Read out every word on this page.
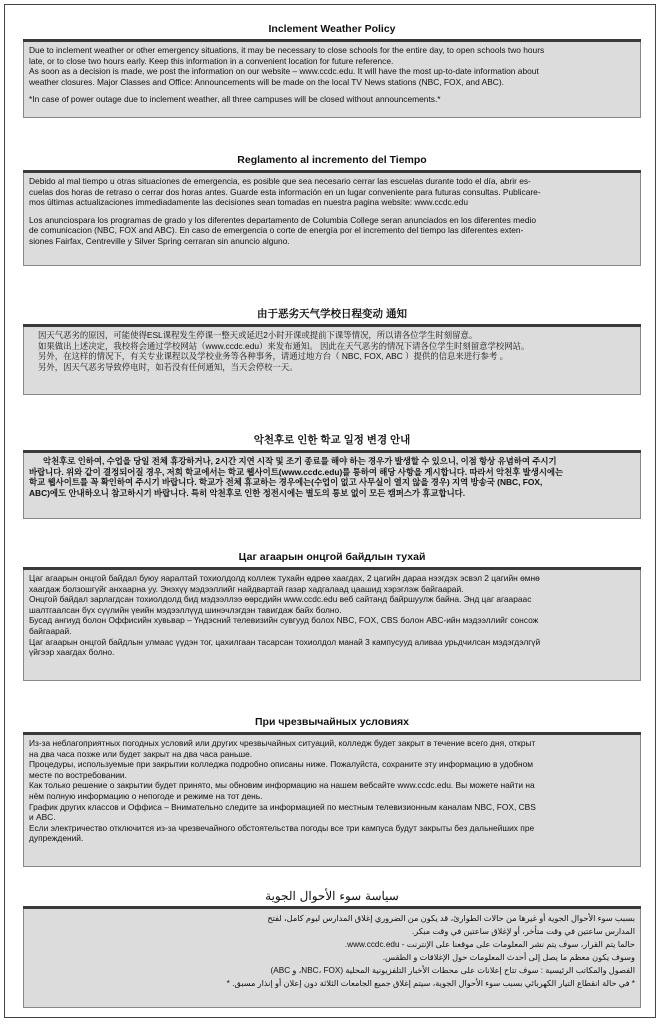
Inclement Weather Policy

Due to inclement weather or other emergency situations, it may be necessary to close schools for the entire day, to open schools two hours

late, or to close two hours early. Keep this information in a convenient location for future reference.

As soon as a decision is made, we post the information on our website – www.ccdc.edu. It will have the most up-to-date information about

weather closures. Major Classes and Office: Announcements will be made on the local TV News stations (NBC, FOX, and ABC).

*In case of power outage due to inclement weather, all three campuses will be closed without announcements.*

Reglamento al incremento del Tiempo

Debido al mal tiempo u otras situaciones de emergencia, es posible que sea necesario cerrar las escuelas durante todo el día, abrir es-

cuelas dos horas de retraso o cerrar dos horas antes. Guarde esta información en un lugar conveniente para futuras consultas. Publicare-

mos últimas actualizaciones immediadamente las decisiones sean tomadas en nuestra pagina website: www.ccdc.edu

Los anunciospara los programas de grado y los diferentes departamento de Columbia College seran anunciados en los diferentes medio

de comunicacion (NBC, FOX and ABC). En caso de emergencia o corte de energía por el incremento del tiempo las diferentes exten-

siones Fairfax, Centreville y Silver Spring cerraran sin anuncio alguno.

由于恶劣天气学校日程变动 通知

因天气恶劣的原因，可能使得ESL课程发生停课一整天或延迟2小时开课或提前下课等情况，所以请各位学生时刻留意。

如果做出上述决定，我校将会通过学校网站（www.ccdc.edu）来发布通知。 因此在天气恶劣的情况下请各位学生时刻留意学校网站。

另外，在这样的情况下，有关专业课程以及学校业务等各种事务，请通过地方台（ NBC, FOX, ABC ）提供的信息来进行参考 。

另外，因天气恶劣导致停电时，如若没有任何通知，当天会停校一天。

악천후로 인한 학교 일정 변경 안내

악천후로 인하여, 수업을 당일 전체 휴강하거나, 2시간 지연 시작 및 조기 종료를 해야 하는 경우가 발생할 수 있으니, 이점 항상 유념하여 주시기

바랍니다. 위와 같이 결정되어질 경우, 저희 학교에서는 학교 웹사이트(www.ccdc.edu)를 통하여 해당 사항을 게시합니다. 따라서 악천후 발생시에는

학교 웹사이트를 꼭 확인하여 주시기 바랍니다. 학교가 전체 휴교하는 경우에는(수업이 없고 사무실이 열지 않을 경우) 지역 방송국 (NBC, FOX,

ABC)에도 안내하오니 참고하시기 바랍니다. 특히 악천후로 인한 정전시에는 별도의 통보 없이 모든 캠퍼스가 휴교합니다.

Цаг агаарын онцгой байдлын тухай

Цаг агаарын онцгой байдал буюу яаралтай тохиолдолд коллеж тухайн өдрөө хаагдах, 2 цагийн дараа нээгдэх эсвэл 2 цагийн өмнө

хаагдаж болзошгүйг анхаарна уу. Энэхүү мэдээллийг найдвартай газар хадгалаад цаашид хэрэглэж байгаарай.

Онцгой байдал зарлагдсан тохиолдолд бид мэдээллээ өөрсдийн www.ccdc.edu веб сайтанд байршуулж байна. Энд цаг агаараас

шалтгаалсан бүх сүүлийн үеийн мэдээллүүд шинэчлэгдэн тавигдаж байх болно.

Бусад ангиуд болон Оффисийн хувьвар – Үндэсний телевизийн сувгууд болох NBC, FOX, CBS болон ABC-ийн мэдээллийг сонсож

байгаарай.

Цаг агаарын онцгой байдлын улмаас үүдэн тог, цахилгаан тасарсан тохиолдол манай 3 кампусууд аливаа урьдчилсан мэдэгдэлгүй

үйгээр хаагдах болно.

При чрезвычайных условиях

Из-за неблагоприятных погодных условий или других чрезвычайных ситуаций, колледж будет закрыт в течение всего дня, открыт

на два часа позже или будет закрыт на два часа раньше.

Процедуры, используемые при закрытии колледжа подробно описаны ниже. Пожалуйста, сохраните эту информацию в удобном

месте по востребовании.

Как только решение о закрытии будет принято, мы обновим информацию на нашем вебсайте www.ccdc.edu. Вы можете найти на

нём полную информацию о непогоде и режиме на тот день.

График других классов и Оффиса – Внимательно следите за информацией по местным телевизионным каналам NBC, FOX, CBS

и ABC.

Если электричество отключится из-за чрезвечайного обстоятельства погоды все три кампуса будут закрыты без дальнейших пре

дупреждений.

سياسة سوء الأحوال الجوية

بسبب سوء الأحوال الجوية أو غيرها من حالات الطوارئ، قد يكون من الضروري إغلاق المدارس ليوم كامل، لفتح

المدارس ساعتين في وقت متأخر، أو لإغلاق ساعتين في وقت مبكر.

حالما يتم القرار، سوف يتم نشر المعلومات على موقعنا على الإنترنت - www.ccdc.edu.

وسوف يكون معظم ما يصل إلى أحدث المعلومات حول الإغلاقات و الطقس.

الفصول والمكاتب الرئيسية : سوف تتاح إعلانات على محطات الأخبار التلفزيونية المحلية (NBC، FOX، و ABC)

* في حالة انقطاع التيار الكهربائي بسبب سوء الأحوال الجوية، سيتم إغلاق جميع الجامعات الثلاثة دون إعلان أو إنذار مسبق. *
